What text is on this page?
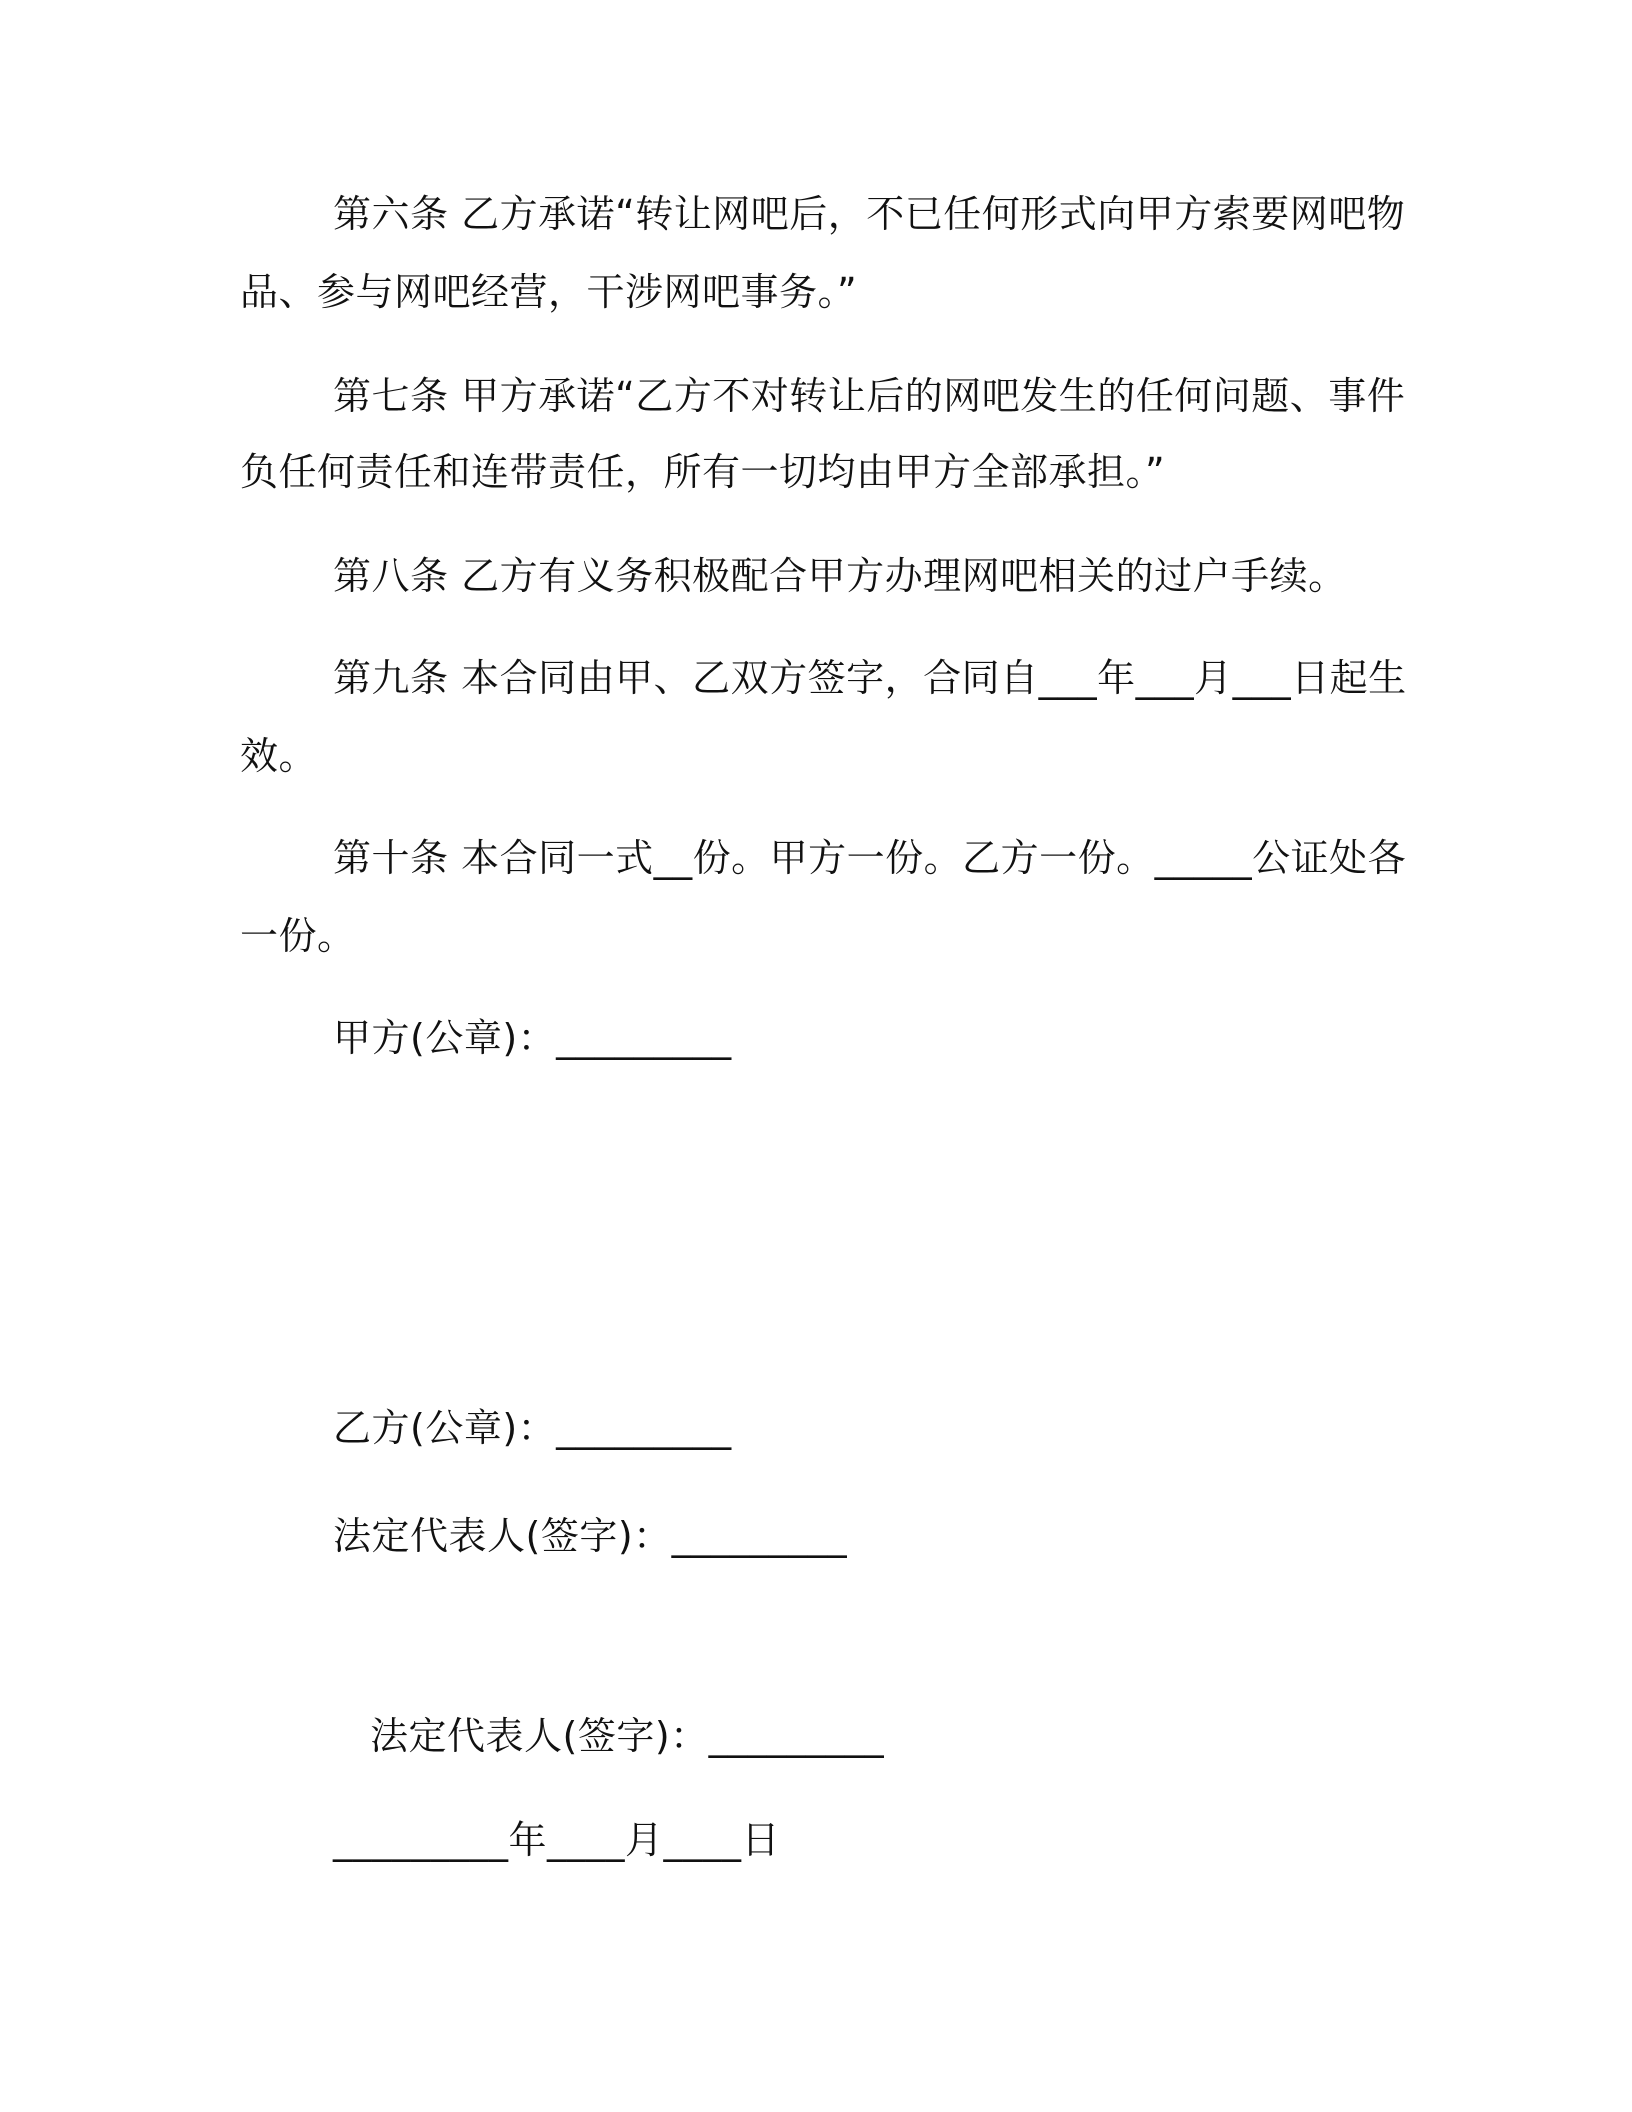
第六条 乙方承诺“转让网吧后，不已任何形式向甲方索要网吧物
品、参与网吧经营，干涉网吧事务。”
第七条 甲方承诺“乙方不对转让后的网吧发生的任何问题、事件
负任何责任和连带责任，所有一切均由甲方全部承担。”
第八条 乙方有义务积极配合甲方办理网吧相关的过户手续。
第九条 本合同由甲、乙双方签字，合同自___年___月___日起生
效。
第十条 本合同一式__份。甲方一份。乙方一份。_____公证处各
一份。
甲方(公章)：_________
乙方(公章)：_________
法定代表人(签字)：_________
法定代表人(签字)：_________
_________年____月____日
